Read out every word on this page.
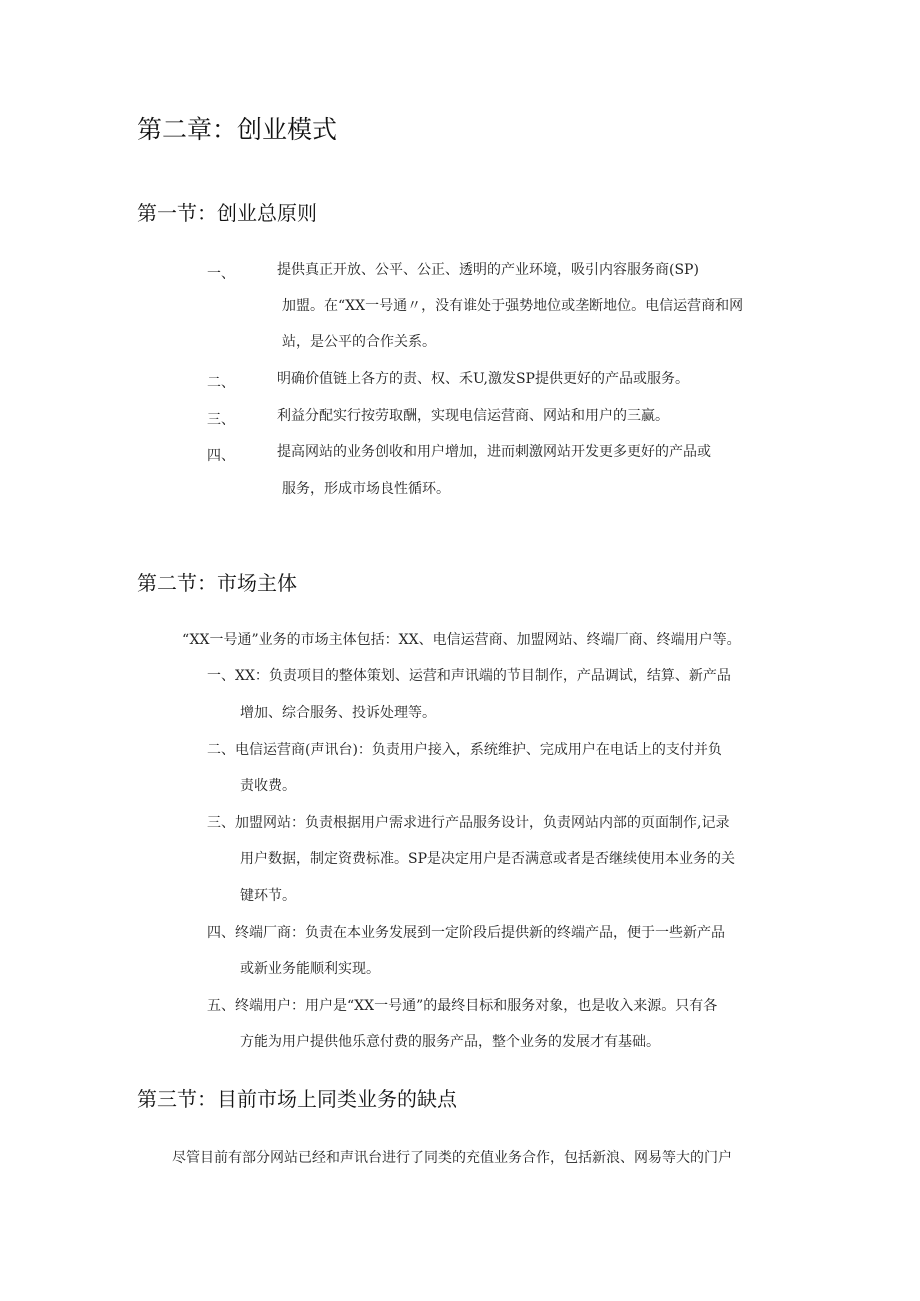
第二章：创业模式
第一节：创业总原则
一、	提供真正开放、公平、公正、透明的产业环境，吸引内容服务商(SP)
加盟。在“XX一号通〃，没有谁处于强势地位或垄断地位。电信运营商和网
站，是公平的合作关系。
二、	明确价值链上各方的责、权、禾U,激发SP提供更好的产品或服务。
三、	利益分配实行按劳取酬，实现电信运营商、网站和用户的三赢。
四、	提高网站的业务创收和用户增加，进而刺激网站开发更多更好的产品或
服务，形成市场良性循环。
第二节：市场主体
“XX一号通”业务的市场主体包括：XX、电信运营商、加盟网站、终端厂商、终端用户等。
一、XX：负责项目的整体策划、运营和声讯端的节目制作，产品调试，结算、新产品
增加、综合服务、投诉处理等。
二、电信运营商(声讯台)：负责用户接入，系统维护、完成用户在电话上的支付并负
责收费。
三、加盟网站：负责根据用户需求进行产品服务设计，负责网站内部的页面制作,记录
用户数据，制定资费标准。SP是决定用户是否满意或者是否继续使用本业务的关
键环节。
四、终端厂商：负责在本业务发展到一定阶段后提供新的终端产品，便于一些新产品
或新业务能顺利实现。
五、终端用户：用户是“XX一号通”的最终目标和服务对象，也是收入来源。只有各
方能为用户提供他乐意付费的服务产品，整个业务的发展才有基础。
第三节：目前市场上同类业务的缺点
尽管目前有部分网站已经和声讯台进行了同类的充值业务合作，包括新浪、网易等大的门户
